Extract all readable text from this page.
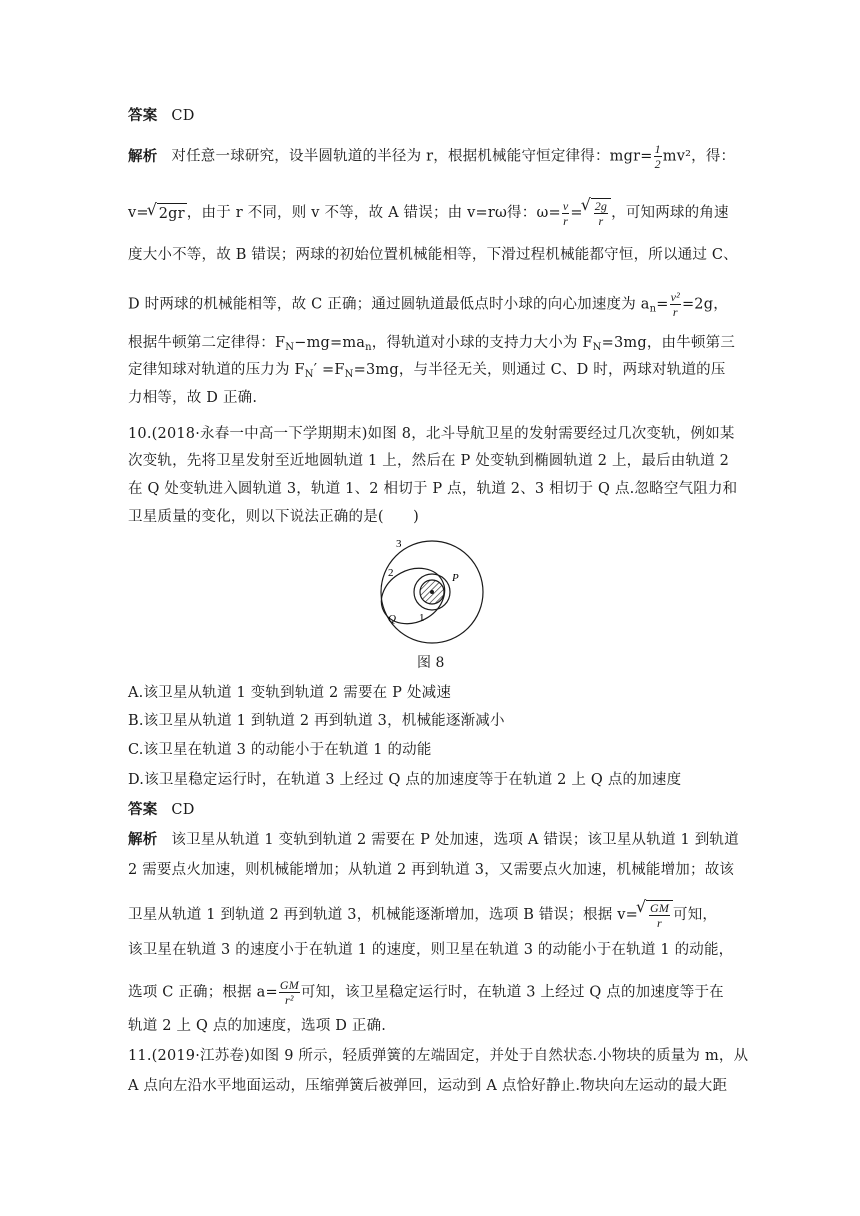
答案 CD
解析 对任意一球研究，设半圆轨道的半径为 r，根据机械能守恒定律得：$mgr= \frac{1}{2} mv^2$，得：
v= √ 2gr ，由于 r 不同，则 v 不等，故 A 错误；由 v=rω得：$\omega= \frac{v}{r}$ = √ $\frac{2g}{r}$ ，可知两球的角速
度大小不等，故 B 错误；两球的初始位置机械能相等，下滑过程机械能都守恒，所以通过 C、
D 时两球的机械能相等，故 C 正确；通过圆轨道最低点时小球的向心加速度为 $a_n= \frac{\text{v²}}{r} =2g$，
根据牛顿第二定律得：$F_N-mg=ma_n$，得轨道对小球的支持力大小为 $F_N=3mg$，由牛顿第三
定律知球对轨道的压力为 $F_N' =F_N=3mg$，与半径无关，则通过 C、D 时，两球对轨道的压
力相等，故 D 正确.
10.(2018·永春一中高一下学期期末)如图 8，北斗导航卫星的发射需要经过几次变轨，例如某
次变轨，先将卫星发射至近地圆轨道 1 上，然后在 P 处变轨到椭圆轨道 2 上，最后由轨道 2
在 Q 处变轨进入圆轨道 3，轨道 1、2 相切于 P 点，轨道 2、3 相切于 Q 点.忽略空气阻力和
卫星质量的变化，则以下说法正确的是(　　)
3
2
1
P
Q
图 8
A.该卫星从轨道 1 变轨到轨道 2 需要在 P 处减速
B.该卫星从轨道 1 到轨道 2 再到轨道 3，机械能逐渐减小
C.该卫星在轨道 3 的动能小于在轨道 1 的动能
D.该卫星稳定运行时，在轨道 3 上经过 Q 点的加速度等于在轨道 2 上 Q 点的加速度
答案 CD
解析 该卫星从轨道 1 变轨到轨道 2 需要在 P 处加速，选项 A 错误；该卫星从轨道 1 到轨道
2 需要点火加速，则机械能增加；从轨道 2 再到轨道 3，又需要点火加速，机械能增加；故该
卫星从轨道 1 到轨道 2 再到轨道 3，机械能逐渐增加，选项 B 错误；根据 v= √ $\frac{GM}{r}$ 可知，
该卫星在轨道 3 的速度小于在轨道 1 的速度，则卫星在轨道 3 的动能小于在轨道 1 的动能，
选项 C 正确；根据 $a= \frac{GM}{\text{r²}}$ 可知，该卫星稳定运行时，在轨道 3 上经过 Q 点的加速度等于在
轨道 2 上 Q 点的加速度，选项 D 正确.
11.(2019·江苏卷)如图 9 所示，轻质弹簧的左端固定，并处于自然状态.小物块的质量为 m，从
A 点向左沿水平地面运动，压缩弹簧后被弹回，运动到 A 点恰好静止.物块向左运动的最大距
